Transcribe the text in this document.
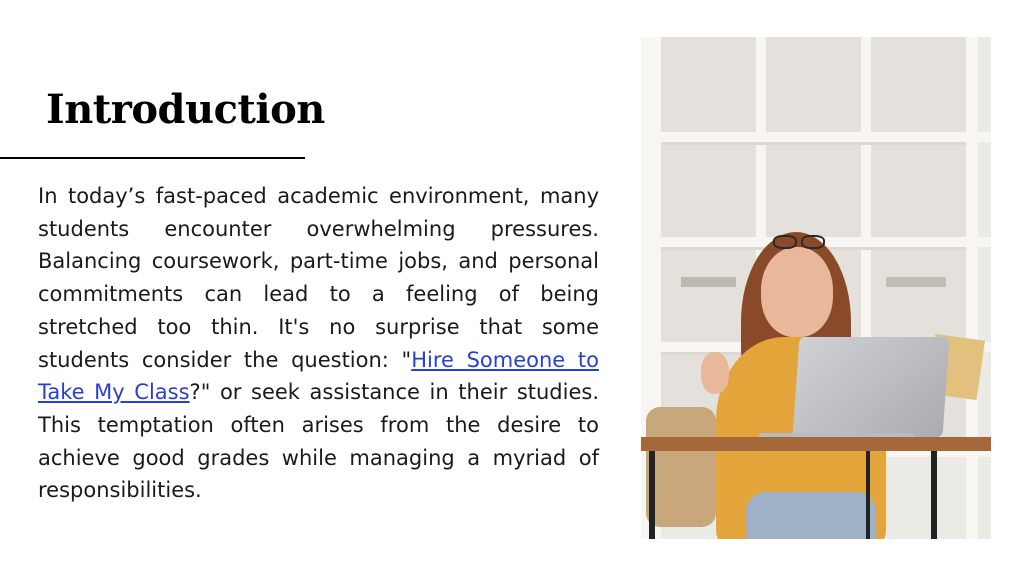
Introduction

In today’s fast-paced academic environment, many students encounter overwhelming pressures. Balancing coursework, part-time jobs, and personal commitments can lead to a feeling of being stretched too thin. It's no surprise that some students consider the question: "Hire Someone to Take My Class?" or seek assistance in their studies. This temptation often arises from the desire to achieve good grades while managing a myriad of responsibilities.
